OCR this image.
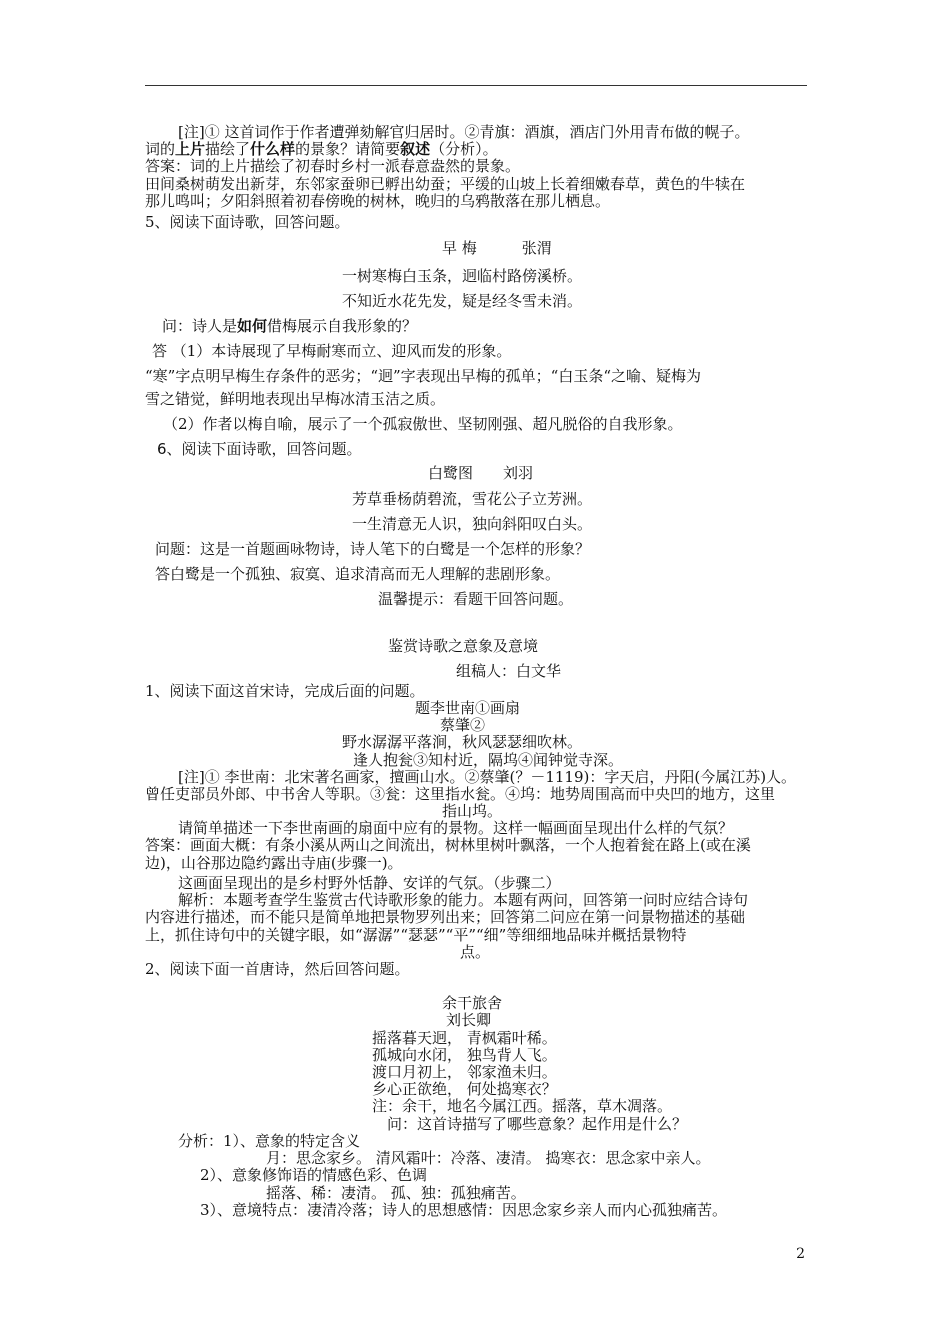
[注]① 这首词作于作者遭弹劾解官归居时。②青旗：酒旗，酒店门外用青布做的幌子。
词的上片描绘了什么样的景象？请简要叙述（分析）。
答案：词的上片描绘了初春时乡村一派春意盎然的景象。
田间桑树萌发出新芽，东邻家蚕卵已孵出幼蚕；平缓的山坡上长着细嫩春草，黄色的牛犊在
那儿鸣叫；夕阳斜照着初春傍晚的树林，晚归的乌鸦散落在那儿栖息。
5、阅读下面诗歌，回答问题。
早 梅　　　张渭
一树寒梅白玉条，迥临村路傍溪桥。
不知近水花先发，疑是经冬雪未消。
问：诗人是如何借梅展示自我形象的？
答 （1）本诗展现了早梅耐寒而立、迎风而发的形象。
“寒”字点明早梅生存条件的恶劣；“迥”字表现出早梅的孤单；“白玉条“之喻、疑梅为
雪之错觉，鲜明地表现出早梅冰清玉洁之质。
（2）作者以梅自喻，展示了一个孤寂傲世、坚韧刚强、超凡脱俗的自我形象。
6、阅读下面诗歌，回答问题。
白鹭图　　刘羽
芳草垂杨荫碧流，雪花公子立芳洲。
一生清意无人识，独向斜阳叹白头。
问题：这是一首题画咏物诗，诗人笔下的白鹭是一个怎样的形象？
答白鹭是一个孤独、寂寞、追求清高而无人理解的悲剧形象。
温馨提示：看题干回答问题。
鉴赏诗歌之意象及意境
组稿人：白文华
1、阅读下面这首宋诗，完成后面的问题。
题李世南①画扇
蔡肇②
野水潺潺平落涧，秋风瑟瑟细吹林。
逢人抱瓮③知村近，隔坞④闻钟觉寺深。
[注]① 李世南：北宋著名画家，擅画山水。②蔡肇(？－1119)：字天启，丹阳(今属江苏)人。
曾任吏部员外郎、中书舍人等职。③瓮：这里指水瓮。④坞：地势周围高而中央凹的地方，这里
指山坞。
请简单描述一下李世南画的扇面中应有的景物。这样一幅画面呈现出什么样的气氛？
答案：画面大概：有条小溪从两山之间流出，树林里树叶飘落，一个人抱着瓮在路上(或在溪
边)，山谷那边隐约露出寺庙(步骤一)。
这画面呈现出的是乡村野外恬静、安详的气氛。（步骤二）
解析：本题考查学生鉴赏古代诗歌形象的能力。本题有两问，回答第一问时应结合诗句
内容进行描述，而不能只是简单地把景物罗列出来；回答第二问应在第一问景物描述的基础
上，抓住诗句中的关键字眼，如“潺潺”“瑟瑟”“平”“细”等细细地品味并概括景物特
点。
2、阅读下面一首唐诗，然后回答问题。
余干旅舍
刘长卿
摇落暮天迥， 青枫霜叶稀。
孤城向水闭， 独鸟背人飞。
渡口月初上， 邻家渔未归。
乡心正欲绝， 何处捣寒衣？
注：余干，地名今属江西。摇落，草木凋落。
问：这首诗描写了哪些意象？起作用是什么？
分析：1）、意象的特定含义
月：思念家乡。 清风霜叶：冷落、凄清。 捣寒衣：思念家中亲人。
2）、意象修饰语的情感色彩、色调
摇落、稀：凄清。 孤、独：孤独痛苦。
3）、意境特点：凄清冷落；诗人的思想感情：因思念家乡亲人而内心孤独痛苦。
2
